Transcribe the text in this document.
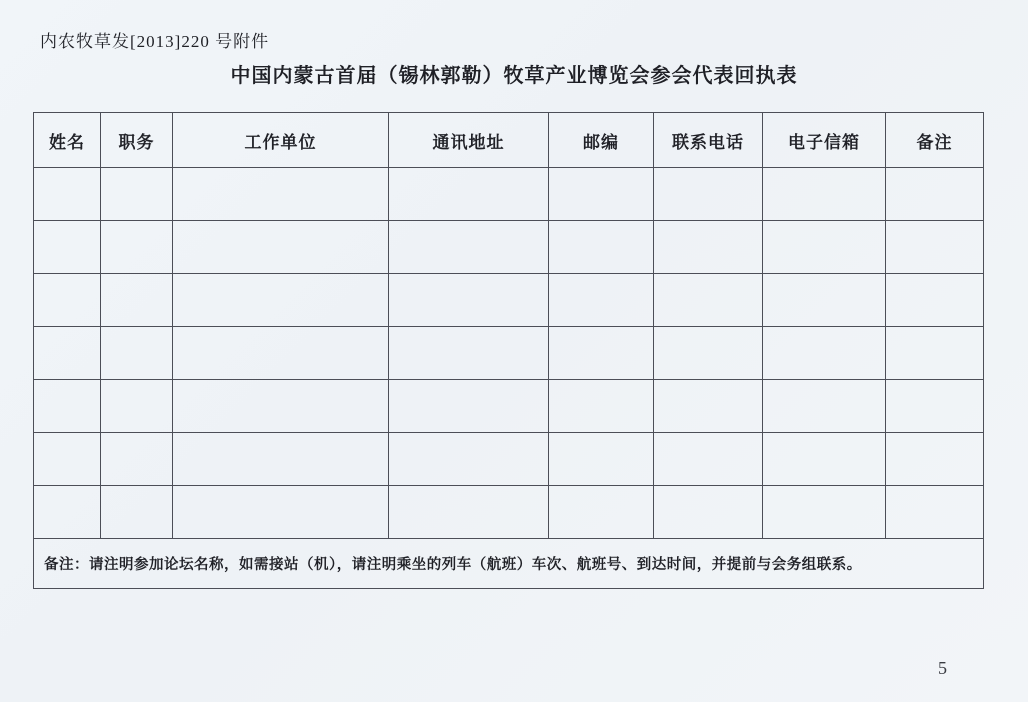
内农牧草发[2013]220 号附件
中国内蒙古首届（锡林郭勒）牧草产业博览会参会代表回执表
姓名	职务	工作单位	通讯地址	邮编	联系电话	电子信箱	备注

备注：请注明参加论坛名称，如需接站（机），请注明乘坐的列车（航班）车次、航班号、到达时间，并提前与会务组联系。							
5
